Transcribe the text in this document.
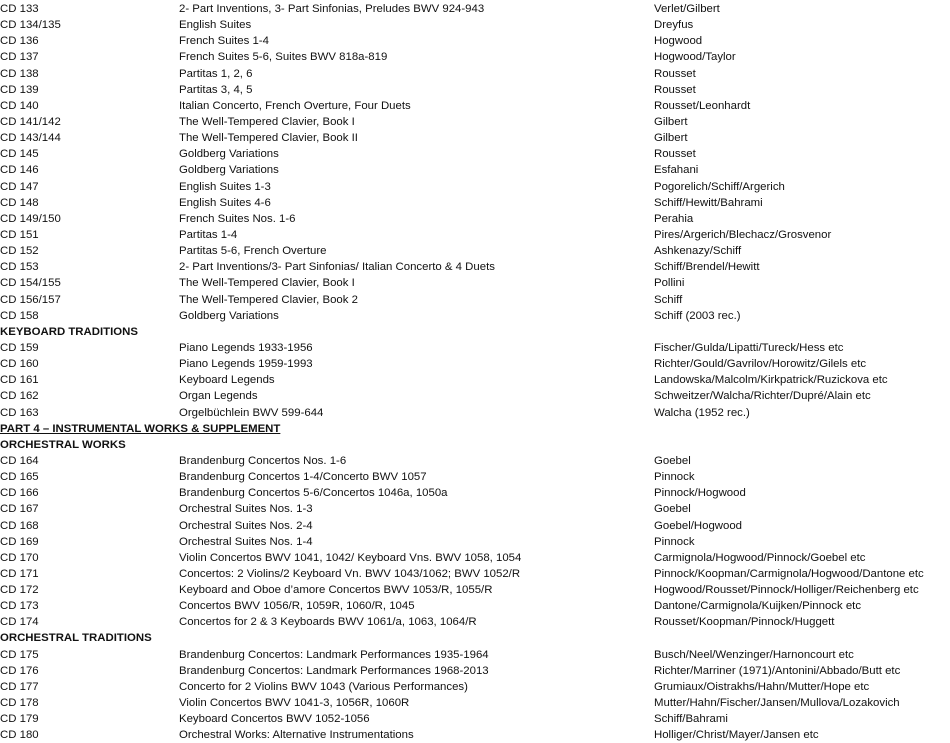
CD 133	2- Part Inventions, 3- Part Sinfonias, Preludes BWV 924-943	Verlet/Gilbert
CD 134/135	English Suites	Dreyfus
CD 136	French Suites 1-4	Hogwood
CD 137	French Suites 5-6, Suites BWV 818a-819	Hogwood/Taylor
CD 138	Partitas 1, 2, 6	Rousset
CD 139	Partitas 3, 4, 5	Rousset
CD 140	Italian Concerto, French Overture, Four Duets	Rousset/Leonhardt
CD 141/142	The Well-Tempered Clavier, Book I	Gilbert
CD 143/144	The Well-Tempered Clavier, Book II	Gilbert
CD 145	Goldberg Variations	Rousset
CD 146	Goldberg Variations	Esfahani
CD 147	English Suites 1-3	Pogorelich/Schiff/Argerich
CD 148	English Suites 4-6	Schiff/Hewitt/Bahrami
CD 149/150	French Suites Nos. 1-6	Perahia
CD 151	Partitas 1-4	Pires/Argerich/Blechacz/Grosvenor
CD 152	Partitas 5-6, French Overture	Ashkenazy/Schiff
CD 153	2- Part Inventions/3- Part Sinfonias/ Italian Concerto & 4 Duets	Schiff/Brendel/Hewitt
CD 154/155	The Well-Tempered Clavier, Book I	Pollini
CD 156/157	The Well-Tempered Clavier, Book 2	Schiff
CD 158	Goldberg Variations	Schiff (2003 rec.)
KEYBOARD TRADITIONS
CD 159	Piano Legends 1933-1956	Fischer/Gulda/Lipatti/Tureck/Hess etc
CD 160	Piano Legends 1959-1993	Richter/Gould/Gavrilov/Horowitz/Gilels etc
CD 161	Keyboard Legends	Landowska/Malcolm/Kirkpatrick/Ruzickova etc
CD 162	Organ Legends	Schweitzer/Walcha/Richter/Dupré/Alain etc
CD 163	Orgelbüchlein BWV 599-644	Walcha (1952 rec.)
PART 4 – INSTRUMENTAL WORKS & SUPPLEMENT
ORCHESTRAL WORKS
CD 164	Brandenburg Concertos Nos. 1-6	Goebel
CD 165	Brandenburg Concertos 1-4/Concerto BWV 1057	Pinnock
CD 166	Brandenburg Concertos 5-6/Concertos 1046a, 1050a	Pinnock/Hogwood
CD 167	Orchestral Suites Nos. 1-3	Goebel
CD 168	Orchestral Suites Nos. 2-4	Goebel/Hogwood
CD 169	Orchestral Suites Nos. 1-4	Pinnock
CD 170	Violin Concertos BWV 1041, 1042/ Keyboard Vns. BWV 1058, 1054	Carmignola/Hogwood/Pinnock/Goebel etc
CD 171	Concertos: 2 Violins/2 Keyboard Vn. BWV 1043/1062; BWV 1052/R	Pinnock/Koopman/Carmignola/Hogwood/Dantone etc
CD 172	Keyboard and Oboe d’amore Concertos BWV 1053/R, 1055/R	Hogwood/Rousset/Pinnock/Holliger/Reichenberg etc
CD 173	Concertos BWV 1056/R, 1059R, 1060/R, 1045	Dantone/Carmignola/Kuijken/Pinnock etc
CD 174	Concertos for 2 & 3 Keyboards BWV 1061/a, 1063, 1064/R	Rousset/Koopman/Pinnock/Huggett
ORCHESTRAL TRADITIONS
CD 175	Brandenburg Concertos: Landmark Performances 1935-1964	Busch/Neel/Wenzinger/Harnoncourt etc
CD 176	Brandenburg Concertos: Landmark Performances 1968-2013	Richter/Marriner (1971)/Antonini/Abbado/Butt etc
CD 177	Concerto for 2 Violins BWV 1043 (Various Performances)	Grumiaux/Oistrakhs/Hahn/Mutter/Hope etc
CD 178	Violin Concertos BWV 1041-3, 1056R, 1060R	Mutter/Hahn/Fischer/Jansen/Mullova/Lozakovich
CD 179	Keyboard Concertos BWV 1052-1056	Schiff/Bahrami
CD 180	Orchestral Works: Alternative Instrumentations	Holliger/Christ/Mayer/Jansen etc
